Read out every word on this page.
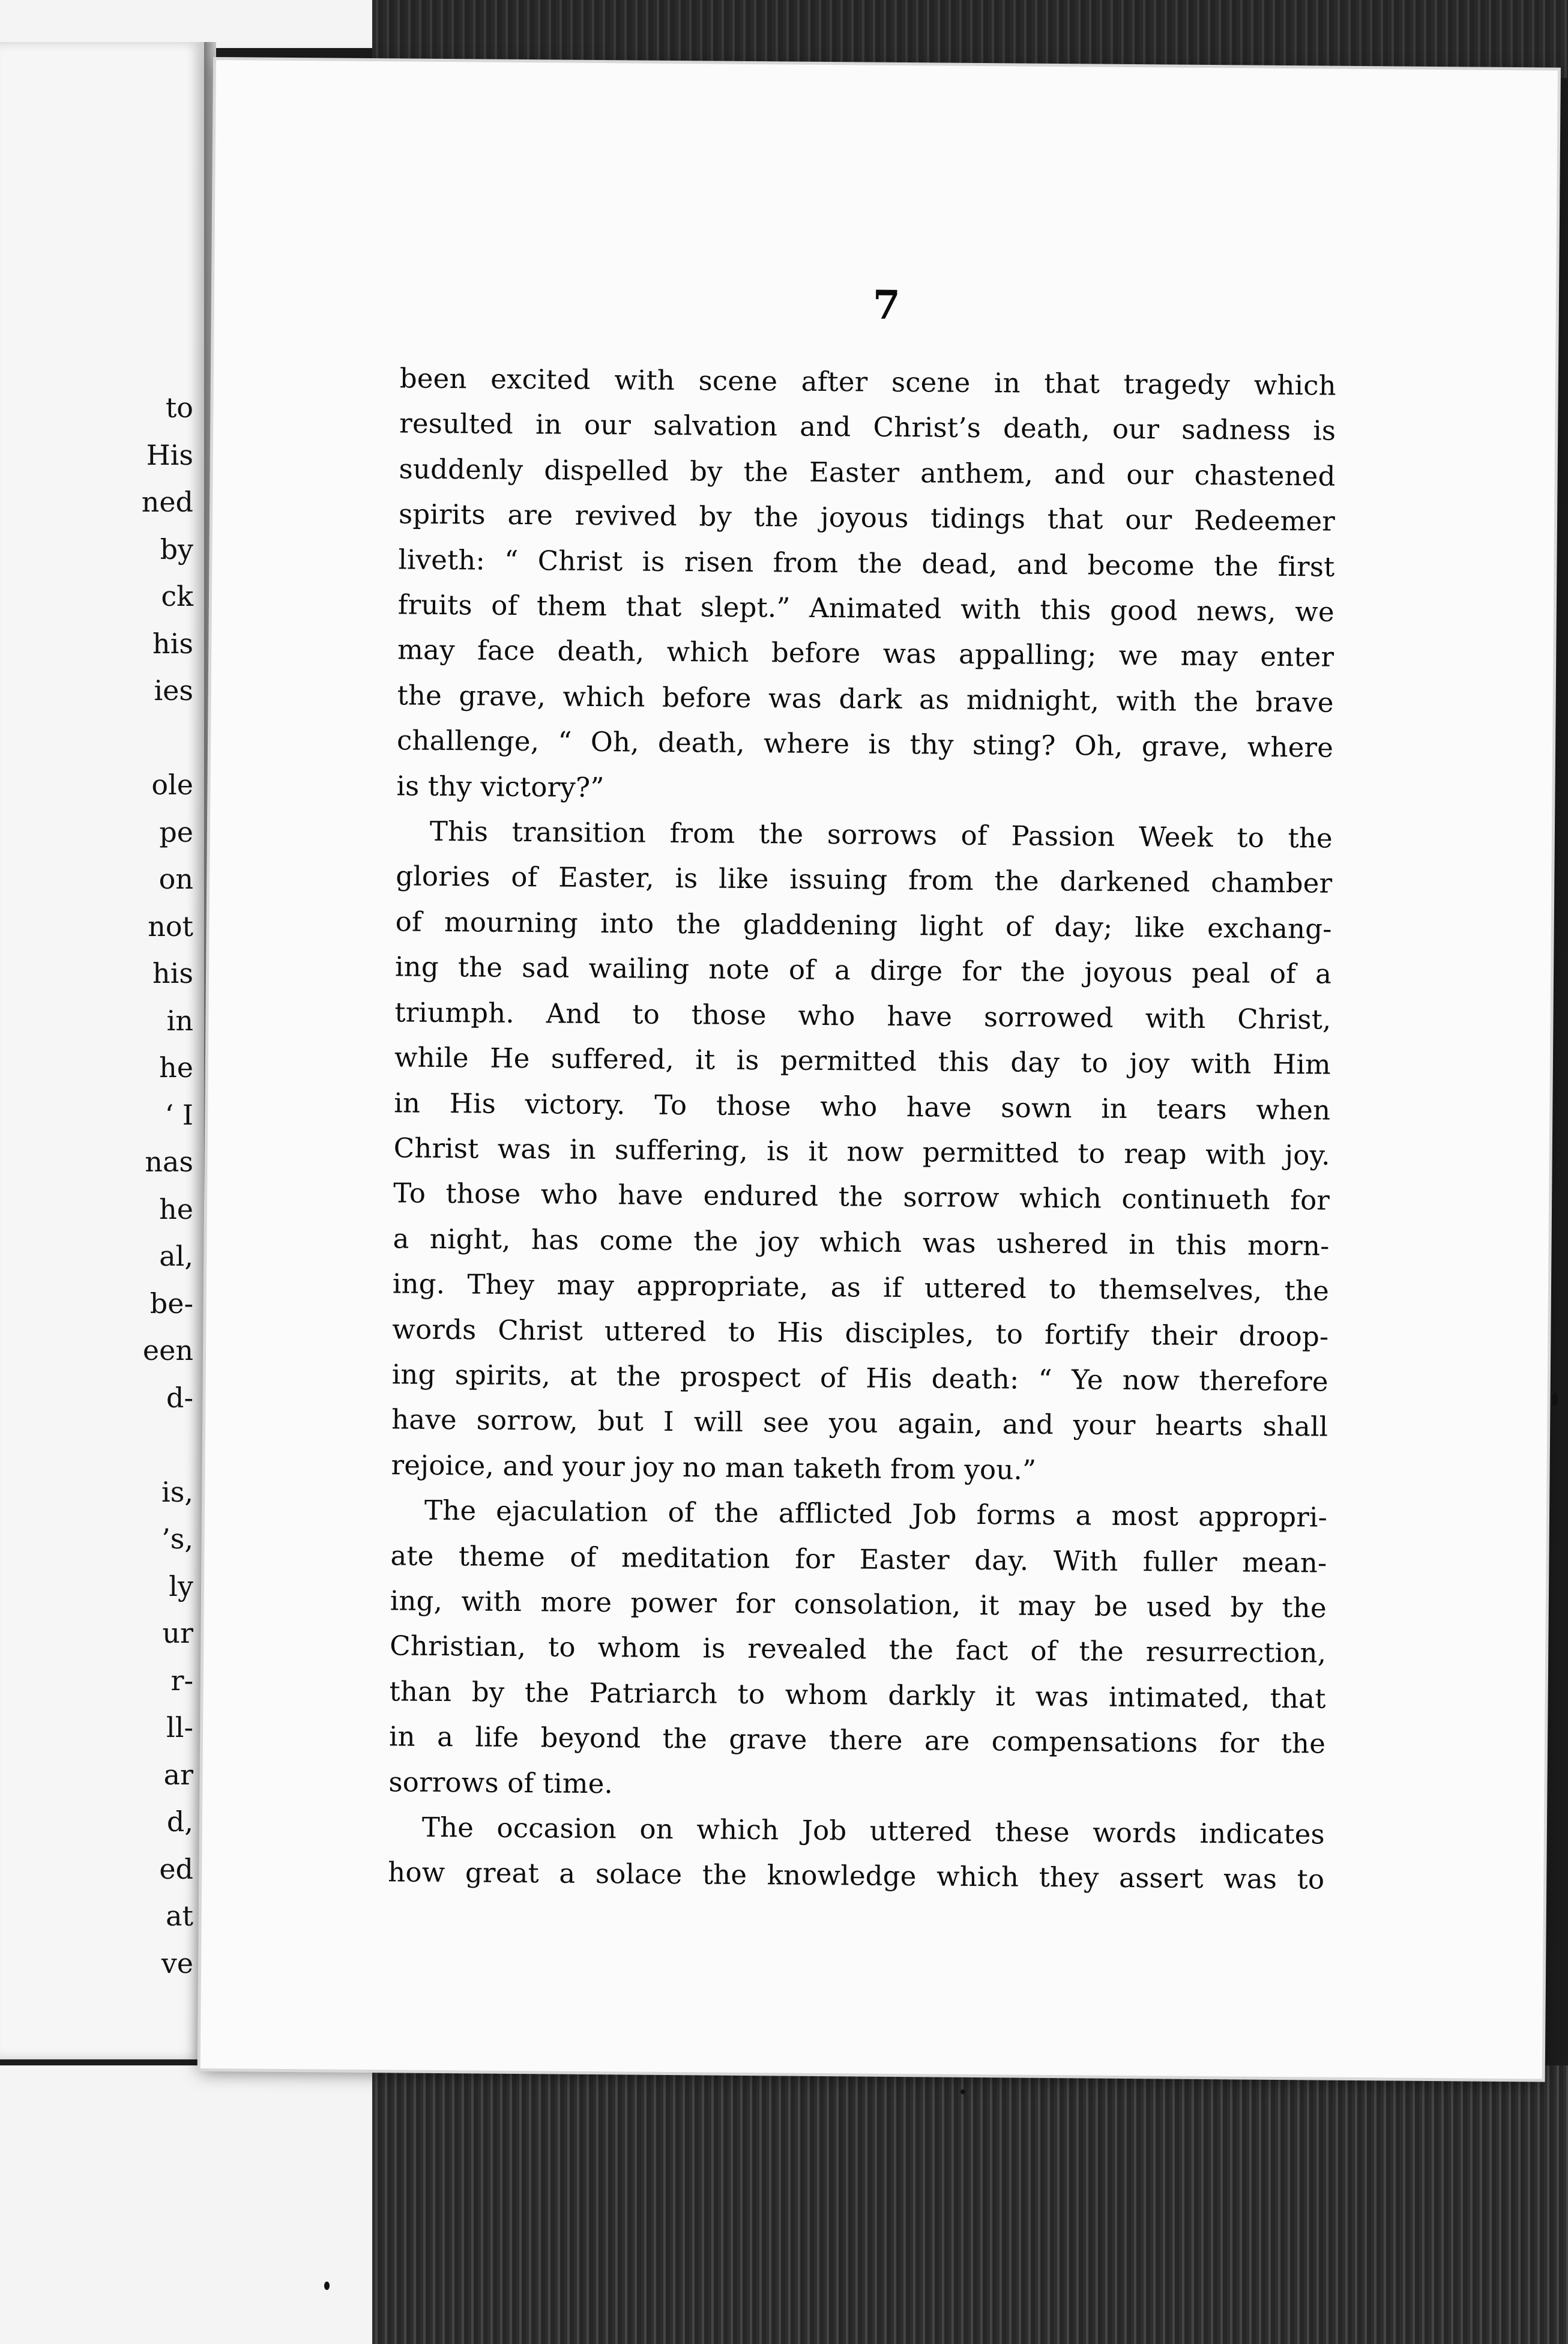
to
His
ned
by
ck
his
ies
ole
pe
on
not
his
in
he
‘ I
nas
he
al,
be-
een
d-
is,
’s,
ly
ur
r-
ll-
ar
d,
ed
at
ve

7

been excited with scene after scene in that tragedy which
resulted in our salvation and Christ’s death, our sadness is
suddenly dispelled by the Easter anthem, and our chastened
spirits are revived by the joyous tidings that our Redeemer
liveth: “ Christ is risen from the dead, and become the first
fruits of them that slept.” Animated with this good news, we
may face death, which before was appalling; we may enter
the grave, which before was dark as midnight, with the brave
challenge, “ Oh, death, where is thy sting? Oh, grave, where
is thy victory?”
This transition from the sorrows of Passion Week to the
glories of Easter, is like issuing from the darkened chamber
of mourning into the gladdening light of day; like exchang-
ing the sad wailing note of a dirge for the joyous peal of a
triumph. And to those who have sorrowed with Christ,
while He suffered, it is permitted this day to joy with Him
in His victory. To those who have sown in tears when
Christ was in suffering, is it now permitted to reap with joy.
To those who have endured the sorrow which continueth for
a night, has come the joy which was ushered in this morn-
ing. They may appropriate, as if uttered to themselves, the
words Christ uttered to His disciples, to fortify their droop-
ing spirits, at the prospect of His death: “ Ye now therefore
have sorrow, but I will see you again, and your hearts shall
rejoice, and your joy no man taketh from you.”
The ejaculation of the afflicted Job forms a most appropri-
ate theme of meditation for Easter day. With fuller mean-
ing, with more power for consolation, it may be used by the
Christian, to whom is revealed the fact of the resurrection,
than by the Patriarch to whom darkly it was intimated, that
in a life beyond the grave there are compensations for the
sorrows of time.
The occasion on which Job uttered these words indicates
how great a solace the knowledge which they assert was to
